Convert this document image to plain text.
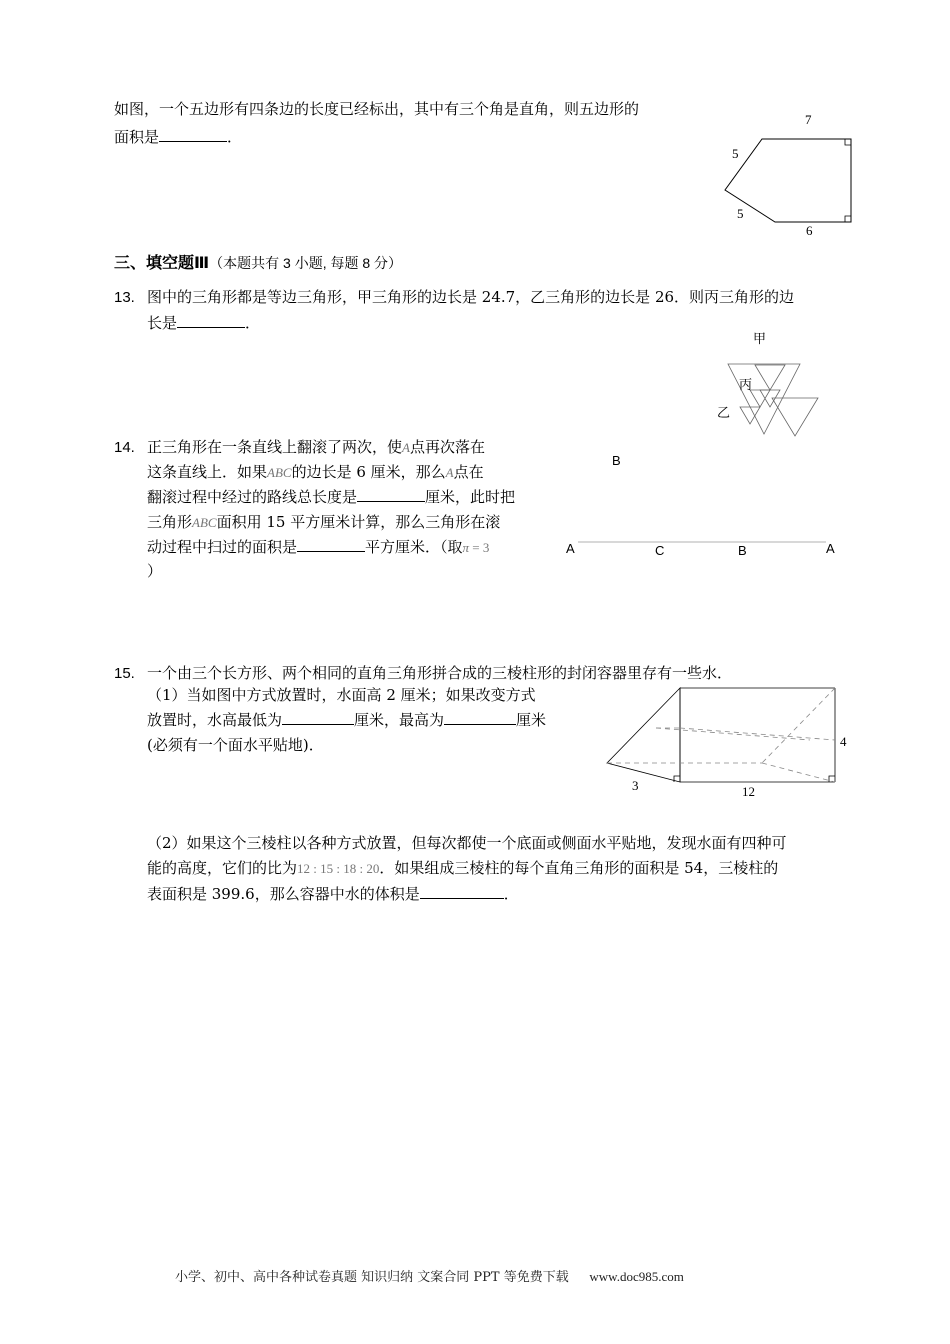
如图，一个五边形有四条边的长度已经标出，其中有三个角是直角，则五边形的
面积是	．
7
5
5
6
三、填空题Ⅲ（本题共有 3 小题, 每题 8 分）
13. 图中的三角形都是等边三角形，甲三角形的边长是 24.7，乙三角形的边长是 26．则丙三角形的边
长是	．
甲
丙
乙
14. 正三角形在一条直线上翻滚了两次，使A点再次落在
这条直线上．如果ABC的边长是 6 厘米，那么A点在
翻滚过程中经过的路线总长度是	厘米，此时把
三角形ABC面积用 15 平方厘米计算，那么三角形在滚
动过程中扫过的面积是	平方厘米．（取π = 3
）
B
A	C	B	A
15. 一个由三个长方形、两个相同的直角三角形拼合成的三棱柱形的封闭容器里存有一些水．
（1）当如图中方式放置时，水面高 2 厘米；如果改变方式
放置时，水高最低为	厘米，最高为	厘米
(必须有一个面水平贴地)．	4
3	12
（2）如果这个三棱柱以各种方式放置，但每次都使一个底面或侧面水平贴地，发现水面有四种可
能的高度，它们的比为12 : 15 : 18 : 20．如果组成三棱柱的每个直角三角形的面积是 54，三棱柱的
表面积是 399.6，那么容器中水的体积是	．
小学、初中、高中各种试卷真题 知识归纳 文案合同 PPT 等免费下载 www.doc985.com
